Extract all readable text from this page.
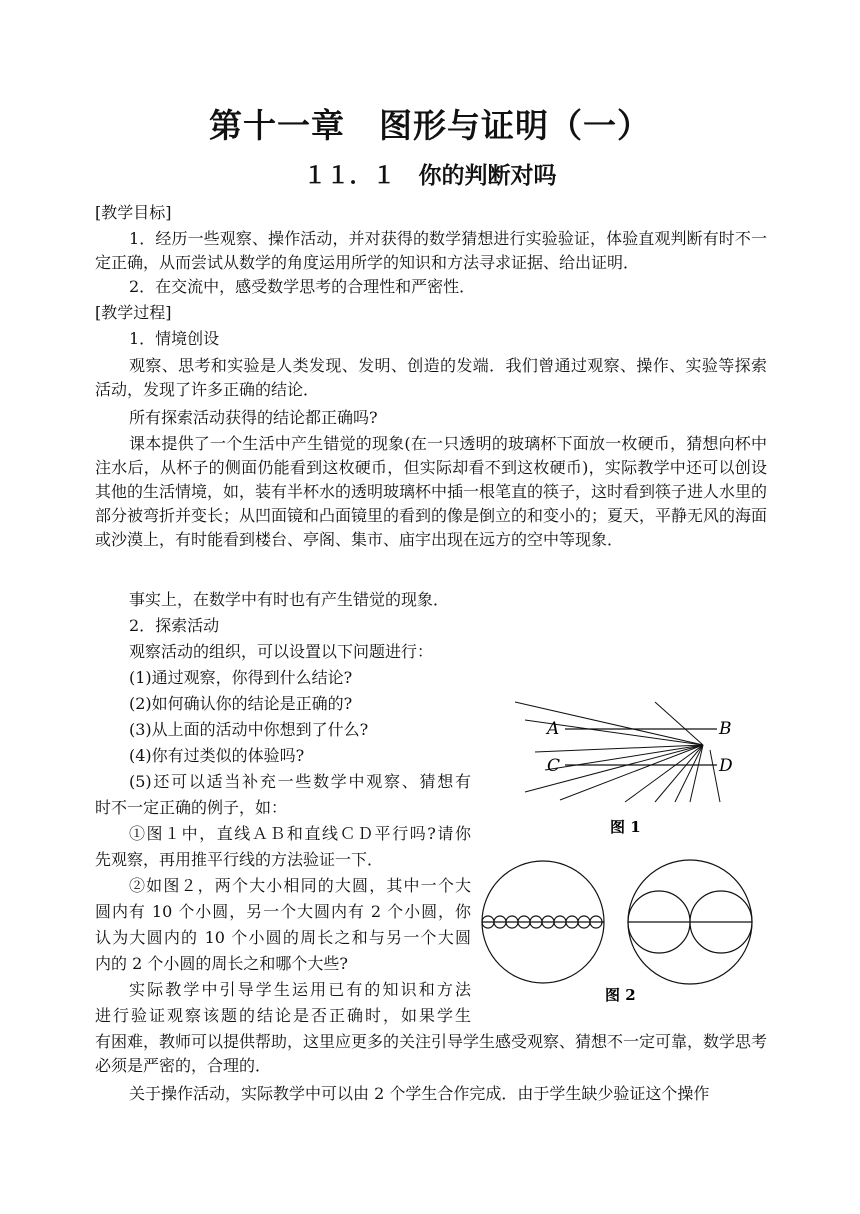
第十一章　图形与证明（一）
１１．１　你的判断对吗
[教学目标]
1．经历一些观察、操作活动，并对获得的数学猜想进行实验验证，体验直观判断有时不一定正确，从而尝试从数学的角度运用所学的知识和方法寻求证据、给出证明．
2．在交流中，感受数学思考的合理性和严密性．
[教学过程]
1．情境创设
观察、思考和实验是人类发现、发明、创造的发端．我们曾通过观察、操作、实验等探索活动，发现了许多正确的结论．
所有探索活动获得的结论都正确吗?
课本提供了一个生活中产生错觉的现象(在一只透明的玻璃杯下面放一枚硬币，猜想向杯中注水后，从杯子的侧面仍能看到这枚硬币，但实际却看不到这枚硬币)，实际教学中还可以创设其他的生活情境，如，装有半杯水的透明玻璃杯中插一根笔直的筷子，这时看到筷子进人水里的部分被弯折并变长；从凹面镜和凸面镜里的看到的像是倒立的和变小的；夏天，平静无风的海面或沙漠上，有时能看到楼台、亭阁、集市、庙宇出现在远方的空中等现象．
事实上，在数学中有时也有产生错觉的现象．
2．探索活动
观察活动的组织，可以设置以下问题进行：
(1)通过观察，你得到什么结论?
(2)如何确认你的结论是正确的?
(3)从上面的活动中你想到了什么?
(4)你有过类似的体验吗?
(5)还可以适当补充一些数学中观察、猜想有
时不一定正确的例子，如：
①图１中，直线ＡＢ和直线ＣＤ平行吗?请你
先观察，再用推平行线的方法验证一下．
②如图２，两个大小相同的大圆，其中一个大
圆内有 10 个小圆，另一个大圆内有 2 个小圆，你
认为大圆内的 10 个小圆的周长之和与另一个大圆
内的 2 个小圆的周长之和哪个大些?
实际教学中引导学生运用已有的知识和方法
进行验证观察该题的结论是否正确时，如果学生
有困难，教师可以提供帮助，这里应更多的关注引导学生感受观察、猜想不一定可靠，数学思考必须是严密的，合理的．
关于操作活动，实际教学中可以由 2 个学生合作完成．由于学生缺少验证这个操作
A	B
C	D
图 1
图 2
